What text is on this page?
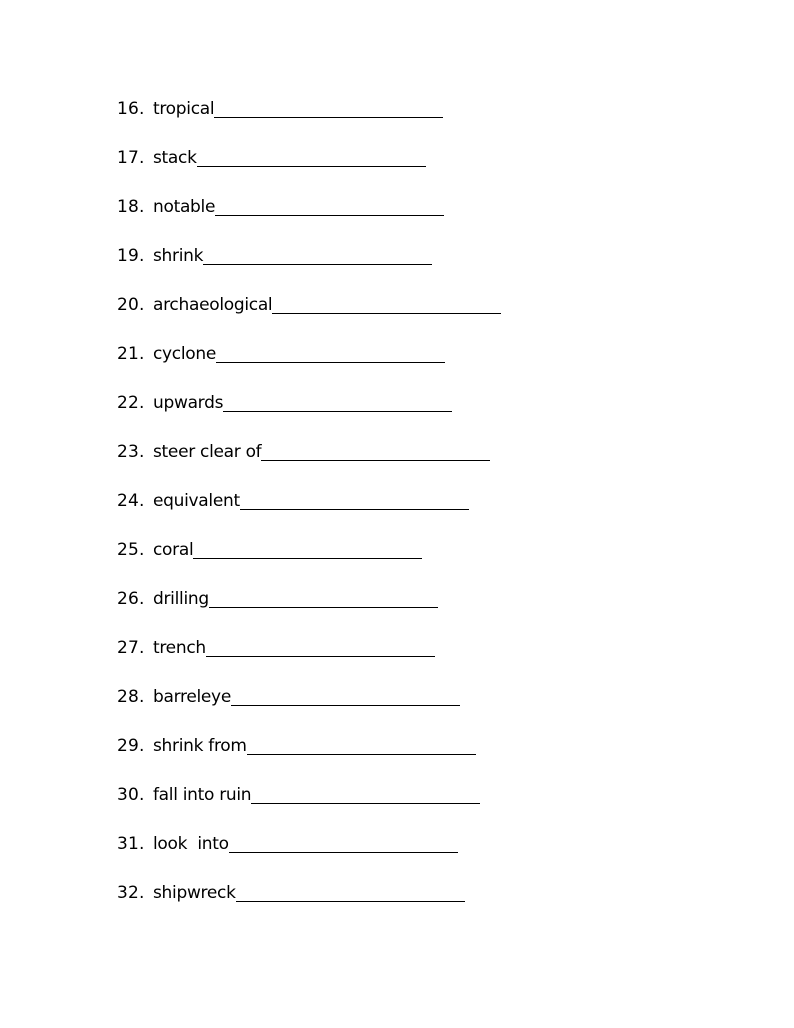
16. tropical
17. stack
18. notable
19. shrink
20. archaeological
21. cyclone
22. upwards
23. steer clear of
24. equivalent
25. coral
26. drilling
27. trench
28. barreleye
29. shrink from
30. fall into ruin
31. look  into
32. shipwreck
